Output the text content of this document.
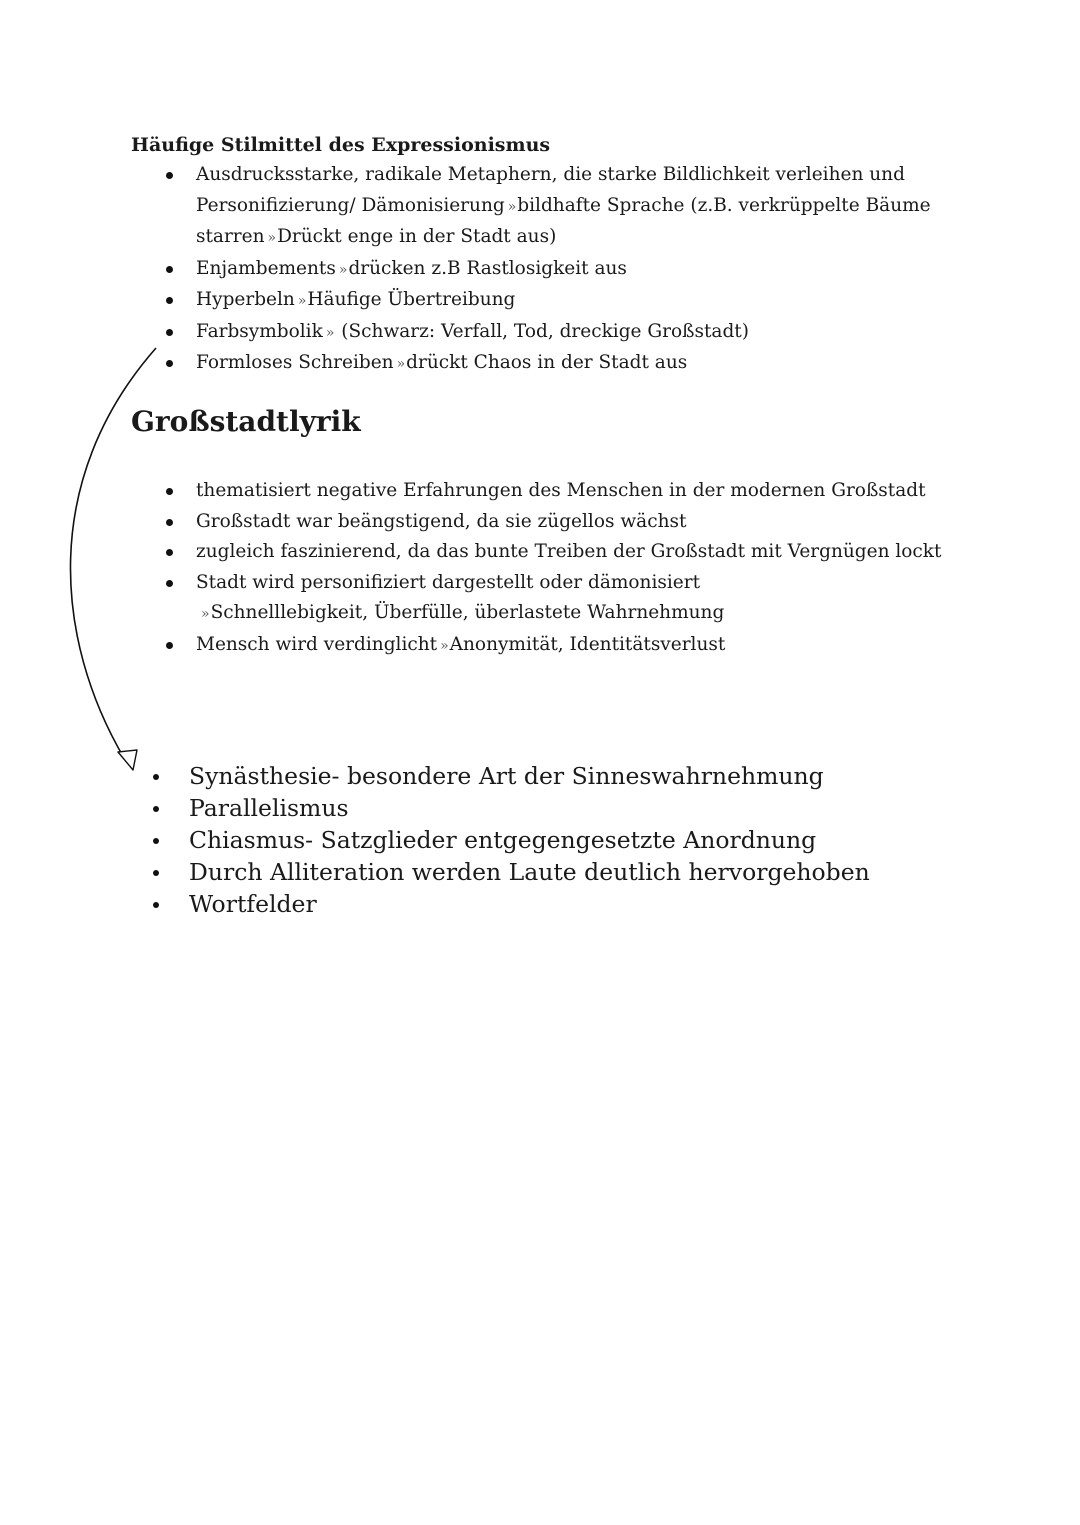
Häufige Stilmittel des Expressionismus
Ausdrucksstarke, radikale Metaphern, die starke Bildlichkeit verleihen und
Personifizierung/ Dämonisierung » bildhafte Sprache (z.B. verkrüppelte Bäume
starren » Drückt enge in der Stadt aus)
Enjambements » drücken z.B Rastlosigkeit aus
Hyperbeln » Häufige Übertreibung
Farbsymbolik » (Schwarz: Verfall, Tod, dreckige Großstadt)
Formloses Schreiben » drückt Chaos in der Stadt aus
Großstadtlyrik
thematisiert negative Erfahrungen des Menschen in der modernen Großstadt
Großstadt war beängstigend, da sie zügellos wächst
zugleich faszinierend, da das bunte Treiben der Großstadt mit Vergnügen lockt
Stadt wird personifiziert dargestellt oder dämonisiert
» Schnelllebigkeit, Überfülle, überlastete Wahrnehmung
Mensch wird verdinglicht » Anonymität, Identitätsverlust
Synästhesie- besondere Art der Sinneswahrnehmung
Parallelismus
Chiasmus- Satzglieder entgegengesetzte Anordnung
Durch Alliteration werden Laute deutlich hervorgehoben
Wortfelder
